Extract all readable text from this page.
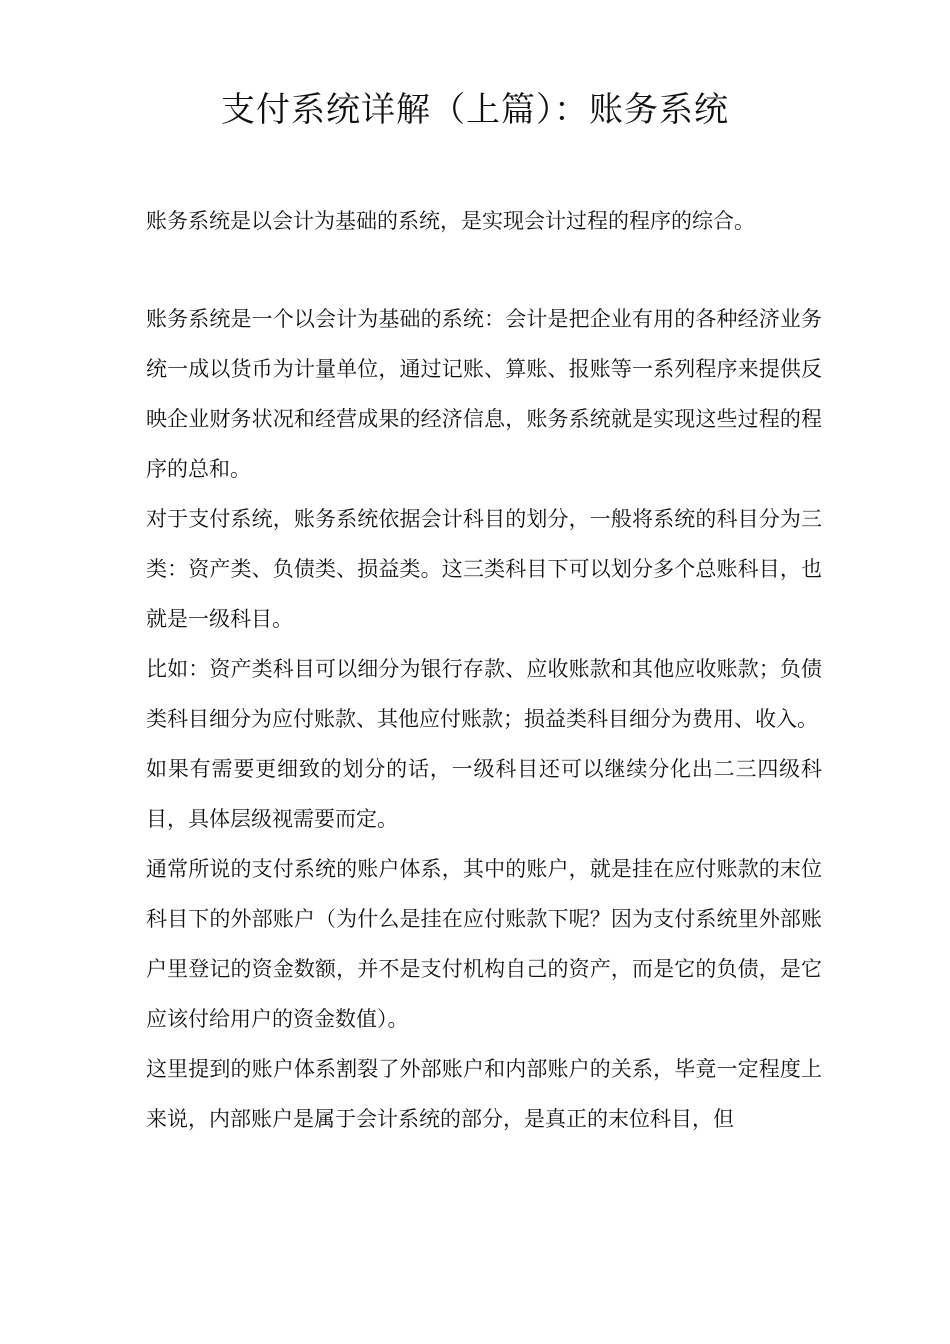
支付系统详解（上篇）：账务系统

账务系统是以会计为基础的系统，是实现会计过程的程序的综合。

账务系统是一个以会计为基础的系统：会计是把企业有用的各种经济业务统一成以货币为计量单位，通过记账、算账、报账等一系列程序来提供反映企业财务状况和经营成果的经济信息，账务系统就是实现这些过程的程序的总和。

对于支付系统，账务系统依据会计科目的划分，一般将系统的科目分为三类：资产类、负债类、损益类。这三类科目下可以划分多个总账科目，也就是一级科目。

比如：资产类科目可以细分为银行存款、应收账款和其他应收账款；负债类科目细分为应付账款、其他应付账款；损益类科目细分为费用、收入。

如果有需要更细致的划分的话，一级科目还可以继续分化出二三四级科目，具体层级视需要而定。

通常所说的支付系统的账户体系，其中的账户，就是挂在应付账款的末位科目下的外部账户（为什么是挂在应付账款下呢？因为支付系统里外部账户里登记的资金数额，并不是支付机构自己的资产，而是它的负债，是它应该付给用户的资金数值）。

这里提到的账户体系割裂了外部账户和内部账户的关系，毕竟一定程度上来说，内部账户是属于会计系统的部分，是真正的末位科目，但
